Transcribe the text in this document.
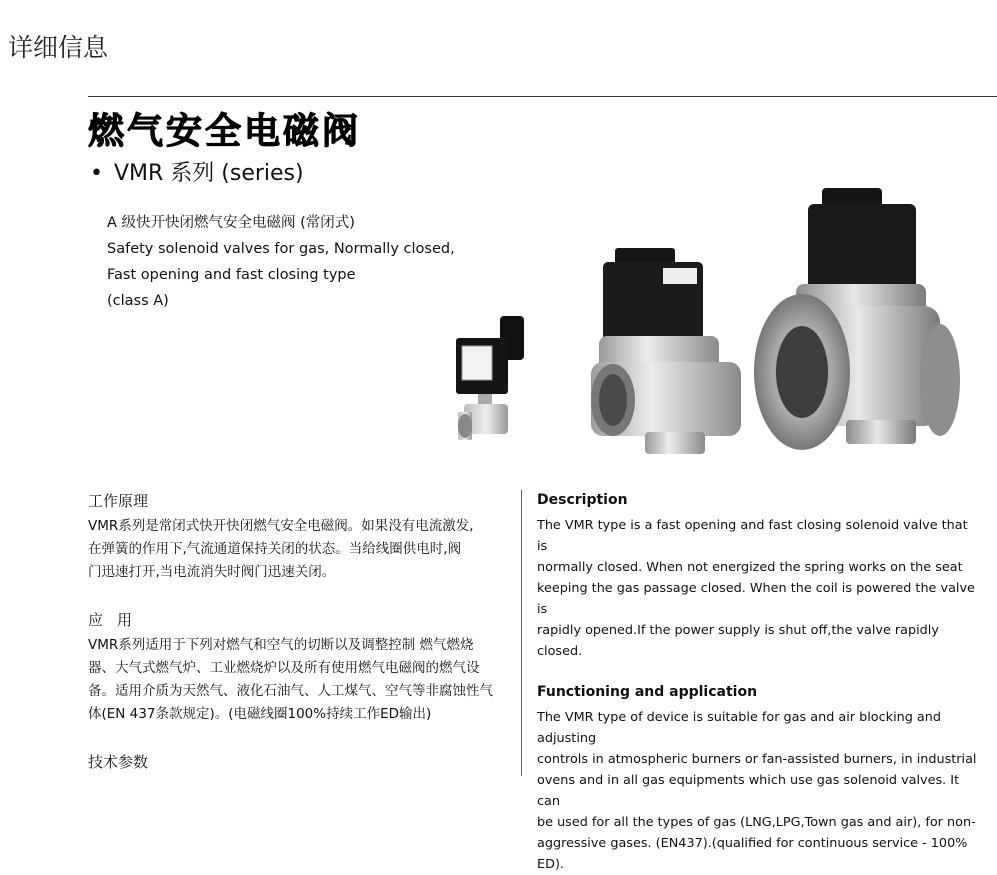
详细信息
燃气安全电磁阀
• VMR 系列 (series)
A 级快开快闭燃气安全电磁阀 (常闭式)
Safety solenoid valves for gas, Normally closed,
Fast opening and fast closing type
(class A)
工作原理
VMR系列是常闭式快开快闭燃气安全电磁阀。如果没有电流激发,
在弹簧的作用下,气流通道保持关闭的状态。当给线圈供电时,阀
门迅速打开,当电流消失时阀门迅速关闭。
应用
VMR系列适用于下列对燃气和空气的切断以及调整控制 燃气燃烧
器、大气式燃气炉、工业燃烧炉以及所有使用燃气电磁阀的燃气设
备。适用介质为天然气、液化石油气、人工煤气、空气等非腐蚀性气
体(EN 437条款规定)。(电磁线圈100%持续工作ED输出)
技术参数
Description
The VMR type is a fast opening and fast closing solenoid valve that is
normally closed. When not energized the spring works on the seat
keeping the gas passage closed. When the coil is powered the valve is
rapidly opened.If the power supply is shut off,the valve rapidly closed.
Functioning and application
The VMR type of device is suitable for gas and air blocking and adjusting
controls in atmospheric burners or fan-assisted burners, in industrial
ovens and in all gas equipments which use gas solenoid valves. It can
be used for all the types of gas (LNG,LPG,Town gas and air), for non-
aggressive gases. (EN437).(qualified for continuous service - 100%
ED).
